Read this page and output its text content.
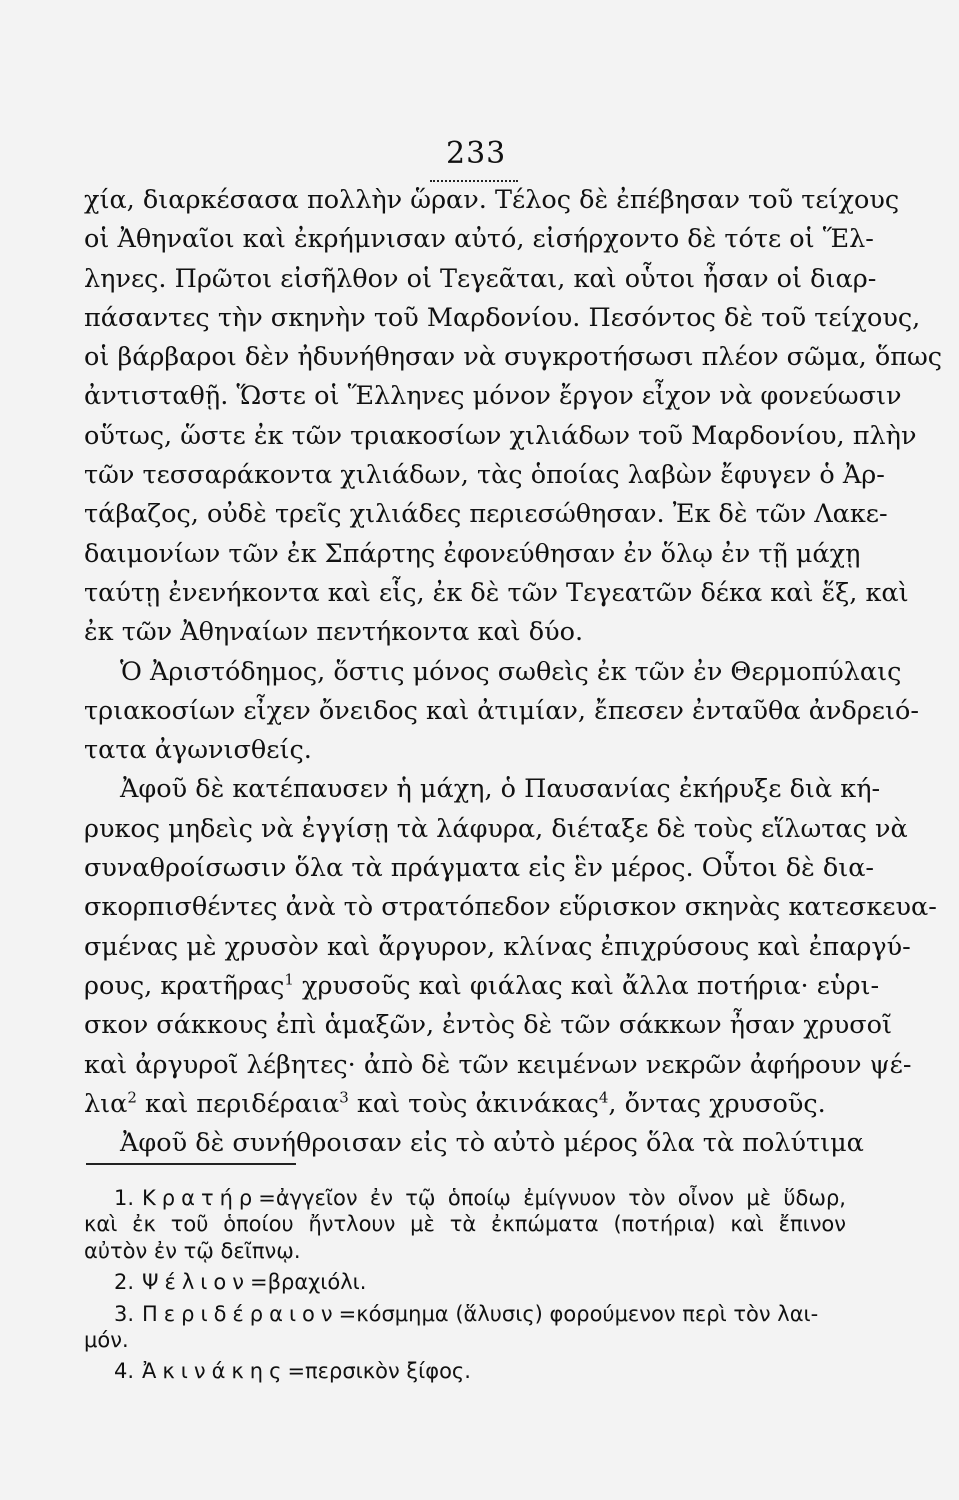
233
χία, διαρκέσασα πολλὴν ὥραν. Τέλος δὲ ἐπέβησαν τοῦ τείχους
οἱ Ἀθηναῖοι καὶ ἐκρήμνισαν αὐτό, εἰσήρχοντο δὲ τότε οἱ Ἕλ-
ληνες. Πρῶτοι εἰσῆλθον οἱ Τεγεᾶται, καὶ οὗτοι ἦσαν οἱ διαρ-
πάσαντες τὴν σκηνὴν τοῦ Μαρδονίου. Πεσόντος δὲ τοῦ τείχους,
οἱ βάρβαροι δὲν ἠδυνήθησαν νὰ συγκροτήσωσι πλέον σῶμα, ὅπως
ἀντισταθῇ. Ὥστε οἱ Ἕλληνες μόνον ἔργον εἶχον νὰ φονεύωσιν
οὕτως, ὥστε ἐκ τῶν τριακοσίων χιλιάδων τοῦ Μαρδονίου, πλὴν
τῶν τεσσαράκοντα χιλιάδων, τὰς ὁποίας λαβὼν ἔφυγεν ὁ Ἀρ-
τάβαζος, οὐδὲ τρεῖς χιλιάδες περιεσώθησαν. Ἐκ δὲ τῶν Λακε-
δαιμονίων τῶν ἐκ Σπάρτης ἐφονεύθησαν ἐν ὅλῳ ἐν τῇ μάχῃ
ταύτῃ ἐνενήκοντα καὶ εἷς, ἐκ δὲ τῶν Τεγεατῶν δέκα καὶ ἕξ, καὶ
ἐκ τῶν Ἀθηναίων πεντήκοντα καὶ δύο.
Ὁ Ἀριστόδημος, ὅστις μόνος σωθεὶς ἐκ τῶν ἐν Θερμοπύλαις
τριακοσίων εἶχεν ὄνειδος καὶ ἀτιμίαν, ἔπεσεν ἐνταῦθα ἀνδρειό-
τατα ἀγωνισθείς.
Ἀφοῦ δὲ κατέπαυσεν ἡ μάχη, ὁ Παυσανίας ἐκήρυξε διὰ κή-
ρυκος μηδεὶς νὰ ἐγγίσῃ τὰ λάφυρα, διέταξε δὲ τοὺς εἵλωτας νὰ
συναθροίσωσιν ὅλα τὰ πράγματα εἰς ἓν μέρος. Οὗτοι δὲ δια-
σκορπισθέντες ἀνὰ τὸ στρατόπεδον εὕρισκον σκηνὰς κατεσκευα-
σμένας μὲ χρυσὸν καὶ ἄργυρον, κλίνας ἐπιχρύσους καὶ ἐπαργύ-
ρους, κρατῆρας$^1$ χρυσοῦς καὶ φιάλας καὶ ἄλλα ποτήρια· εὑρι-
σκον σάκκους ἐπὶ ἁμαξῶν, ἐντὸς δὲ τῶν σάκκων ἦσαν χρυσοῖ
καὶ ἀργυροῖ λέβητες· ἀπὸ δὲ τῶν κειμένων νεκρῶν ἀφήρουν ψέ-
λια$^2$ καὶ περιδέραια$^3$ καὶ τοὺς ἀκινάκας$^4$, ὄντας χρυσοῦς.
Ἀφοῦ δὲ συνήθροισαν εἰς τὸ αὐτὸ μέρος ὅλα τὰ πολύτιμα
1. Κρατήρ=ἀγγεῖον ἐν τῷ ὁποίῳ ἐμίγνυον τὸν οἶνον μὲ ὕδωρ,
καὶ ἐκ τοῦ ὁποίου ἤντλουν μὲ τὰ ἐκπώματα (ποτήρια) καὶ ἔπινον
αὐτὸν ἐν τῷ δεῖπνῳ.
2. Ψέλιον=βραχιόλι.
3. Περιδέραιον=κόσμημα (ἅλυσις) φορούμενον περὶ τὸν λαι-
μόν.
4. Ἀκινάκης=περσικὸν ξίφος.
